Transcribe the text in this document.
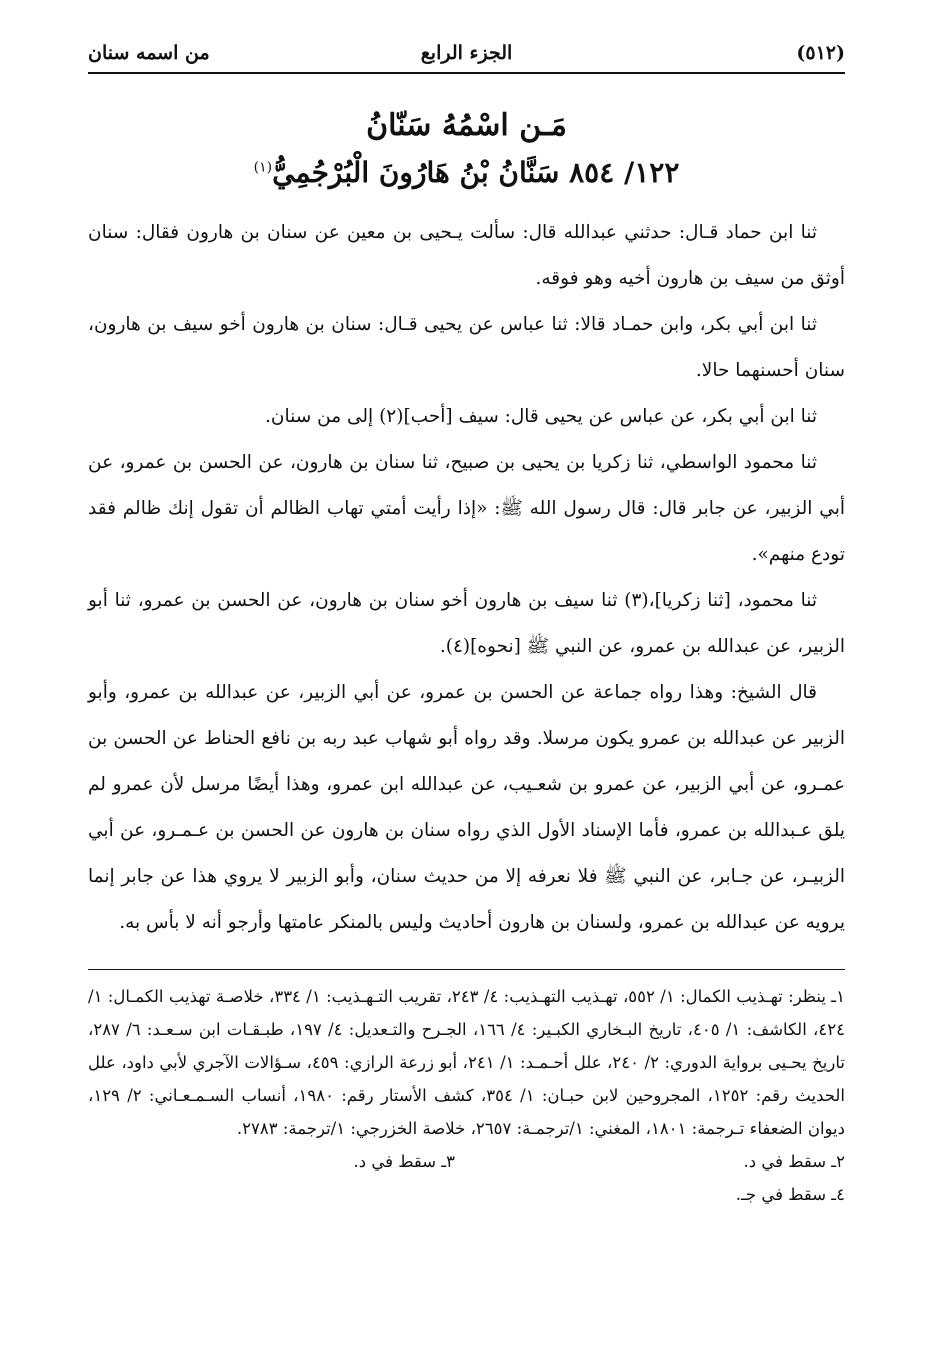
(٥١٢)
الجزء الرابع
من اسمه سنان
مَـن اسْمُهُ سَنّانُ
١٢٢/ ٨٥٤ سَنَّانُ بْنُ هَارُونَ الْبُرْجُمِيُّ$^{(١)}$

ثنا ابن حماد قـال: حدثني عبدالله قال: سألت يـحيى بن معين عن سنان بن هارون فقال: سنان أوثق من سيف بن هارون أخيه وهو فوقه.

ثنا ابن أبي بكر، وابن حمـاد قالا: ثنا عباس عن يحيى قـال: سنان بن هارون أخو سيف بن هارون، سنان أحسنهما حالا.

ثنا ابن أبي بكر، عن عباس عن يحيى قال: سيف [أحب](٢) إلى من سنان.

ثنا محمود الواسطي، ثنا زكريا بن يحيى بن صبيح، ثنا سنان بن هارون، عن الحسن بن عمرو، عن أبي الزبير، عن جابر قال: قال رسول الله ﷺ: «إذا رأيت أمتي تهاب الظالم أن تقول إنك ظالم فقد تودع منهم».

ثنا محمود، [ثنا زكريا]،(٣) ثنا سيف بن هارون أخو سنان بن هارون، عن الحسن بن عمرو، ثنا أبو الزبير، عن عبدالله بن عمرو، عن النبي ﷺ [نحوه](٤).

قال الشيخ: وهذا رواه جماعة عن الحسن بن عمرو، عن أبي الزبير، عن عبدالله بن عمرو، وأبو الزبير عن عبدالله بن عمرو يكون مرسلا. وقد رواه أبو شهاب عبد ربه بن نافع الحناط عن الحسن بن عمـرو، عن أبي الزبير، عن عمرو بن شعـيب، عن عبدالله ابن عمرو، وهذا أيضًا مرسل لأن عمرو لم يلق عـبدالله بن عمرو، فأما الإسناد الأول الذي رواه سنان بن هارون عن الحسن بن عـمـرو، عن أبي الزبيـر، عن جـابر، عن النبي ﷺ فلا نعرفه إلا من حديث سنان، وأبو الزبير لا يروي هذا عن جابر إنما يرويه عن عبدالله بن عمرو، ولسنان بن هارون أحاديث وليس بالمنكر عامتها وأرجو أنه لا بأس به.

١ـ ينظر: تهـذيب الكمال: ١/ ٥٥٢، تهـذيب التهـذيب: ٤/ ٢٤٣، تقريب التـهـذيب: ١/ ٣٣٤، خلاصـة تهذيب الكمـال: ١/ ٤٢٤، الكاشف: ١/ ٤٠٥، تاريخ البـخاري الكبـير: ٤/ ١٦٦، الجـرح والتـعديل: ٤/ ١٩٧، طبـقـات ابن سـعـد: ٦/ ٢٨٧، تاريخ يحـيى برواية الدوري: ٢/ ٢٤٠، علل أحـمـد: ١/ ٢٤١، أبو زرعة الرازي: ٤٥٩، سـؤالات الآجري لأبي داود، علل الحديث رقم: ١٢٥٢، المجروحين لابن حبـان: ١/ ٣٥٤، كشف الأستار رقم: ١٩٨٠، أنساب السـمـعـاني: ٢/ ١٢٩، ديوان الضعفاء تـرجمة: ١٨٠١، المغني: ١/ترجمـة: ٢٦٥٧، خلاصة الخزرجي: ١/ترجمة: ٢٧٨٣.

٢ـ سقط في د.
٣ـ سقط في د.

٤ـ سقط في جـ.
